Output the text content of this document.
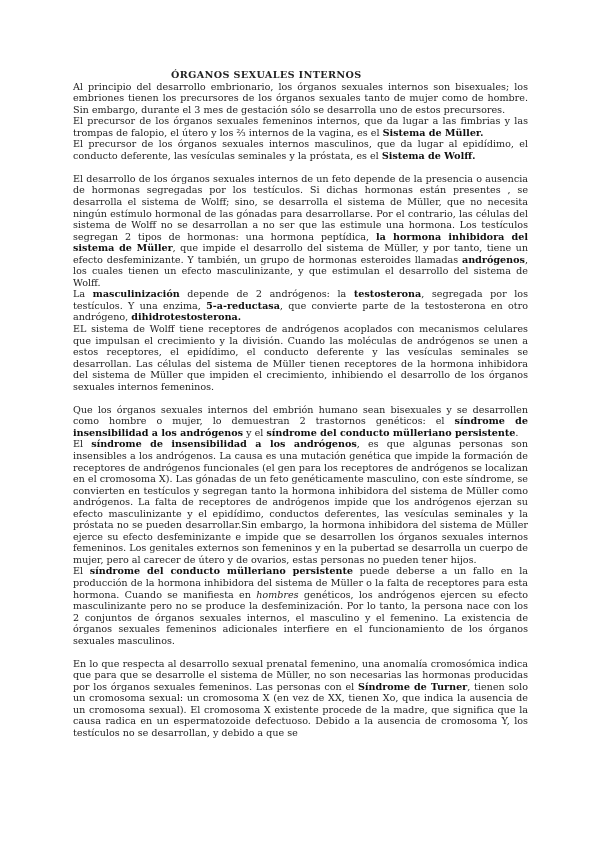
ÓRGANOS SEXUALES INTERNOS

Al principio del desarrollo embrionario, los órganos sexuales internos son bisexuales; los embriones tienen los precursores de los órganos sexuales tanto de mujer como de hombre. Sin embargo, durante el 3 mes de gestación sólo se desarrolla uno de estos precursores.

El precursor de los órganos sexuales femeninos internos, que da lugar a las fimbrias y las trompas de falopio, el útero y los ⅔ internos de la vagina, es el Sistema de Müller.

El precursor de los órganos sexuales internos masculinos, que da lugar al epidídimo, el conducto deferente, las vesículas seminales y la próstata, es el Sistema de Wolff.

El desarrollo de los órganos sexuales internos de un feto depende de la presencia o ausencia de hormonas segregadas por los testículos. Si dichas hormonas están presentes , se desarrolla el sistema de Wolff; sino, se desarrolla el sistema de Müller, que no necesita ningún estímulo hormonal de las gónadas para desarrollarse. Por el contrario, las células del sistema de Wolff no se desarrollan a no ser que las estimule una hormona. Los testículos segregan 2 tipos de hormonas: una hormona peptídica, la hormona inhibidora del sistema de Müller, que impide el desarrollo del sistema de Müller, y por tanto, tiene un efecto desfeminizante. Y también, un grupo de hormonas esteroides llamadas andrógenos, los cuales tienen un efecto masculinizante, y que estimulan el desarrollo del sistema de Wolff.

La masculinización depende de 2 andrógenos: la testosterona, segregada por los testículos. Y una enzima, 5-a-reductasa, que convierte parte de la testosterona en otro andrógeno, dihidrotestosterona.

EL sistema de Wolff tiene receptores de andrógenos acoplados con mecanismos celulares que impulsan el crecimiento y la división. Cuando las moléculas de andrógenos se unen a estos receptores, el epidídimo, el conducto deferente y las vesículas seminales se desarrollan. Las células del sistema de Müller tienen receptores de la hormona inhibidora del sistema de Müller que impiden el crecimiento, inhibiendo el desarrollo de los órganos sexuales internos femeninos.

Que los órganos sexuales internos del embrión humano sean bisexuales y se desarrollen como hombre o mujer, lo demuestran 2 trastornos genéticos: el síndrome de insensibilidad a los andrógenos y el síndrome del conducto mülleriano persistente.

El síndrome de insensibilidad a los andrógenos, es que algunas personas son insensibles a los andrógenos. La causa es una mutación genética que impide la formación de receptores de andrógenos funcionales (el gen para los receptores de andrógenos se localizan en el cromosoma X). Las gónadas de un feto genéticamente masculino, con este síndrome, se convierten en testículos y segregan tanto la hormona inhibidora del sistema de Müller como andrógenos. La falta de receptores de andrógenos impide que los andrógenos ejerzan su efecto masculinizante y el epidídimo, conductos deferentes, las vesículas seminales y la próstata no se pueden desarrollar.Sin embargo, la hormona inhibidora del sistema de Müller ejerce su efecto desfeminizante e impide que se desarrollen los órganos sexuales internos femeninos. Los genitales externos son femeninos y en la pubertad se desarrolla un cuerpo de mujer, pero al carecer de útero y de ovarios, estas personas no pueden tener hijos.

El síndrome del conducto mülleriano persistente puede deberse a un fallo en la producción de la hormona inhibidora del sistema de Müller o la falta de receptores para esta hormona. Cuando se manifiesta en hombres genéticos, los andrógenos ejercen su efecto masculinizante pero no se produce la desfeminización. Por lo tanto, la persona nace con los 2 conjuntos de órganos sexuales internos, el masculino y el femenino. La existencia de órganos sexuales femeninos adicionales interfiere en el funcionamiento de los órganos sexuales masculinos.

En lo que respecta al desarrollo sexual prenatal femenino, una anomalía cromosómica indica que para que se desarrolle el sistema de Müller, no son necesarias las hormonas producidas por los órganos sexuales femeninos. Las personas con el Síndrome de Turner, tienen solo un cromosoma sexual: un cromosoma X (en vez de XX, tienen Xo, que indica la ausencia de un cromosoma sexual). El cromosoma X existente procede de la madre, que significa que la causa radica en un espermatozoide defectuoso. Debido a la ausencia de cromosoma Y, los testículos no se desarrollan, y debido a que se
